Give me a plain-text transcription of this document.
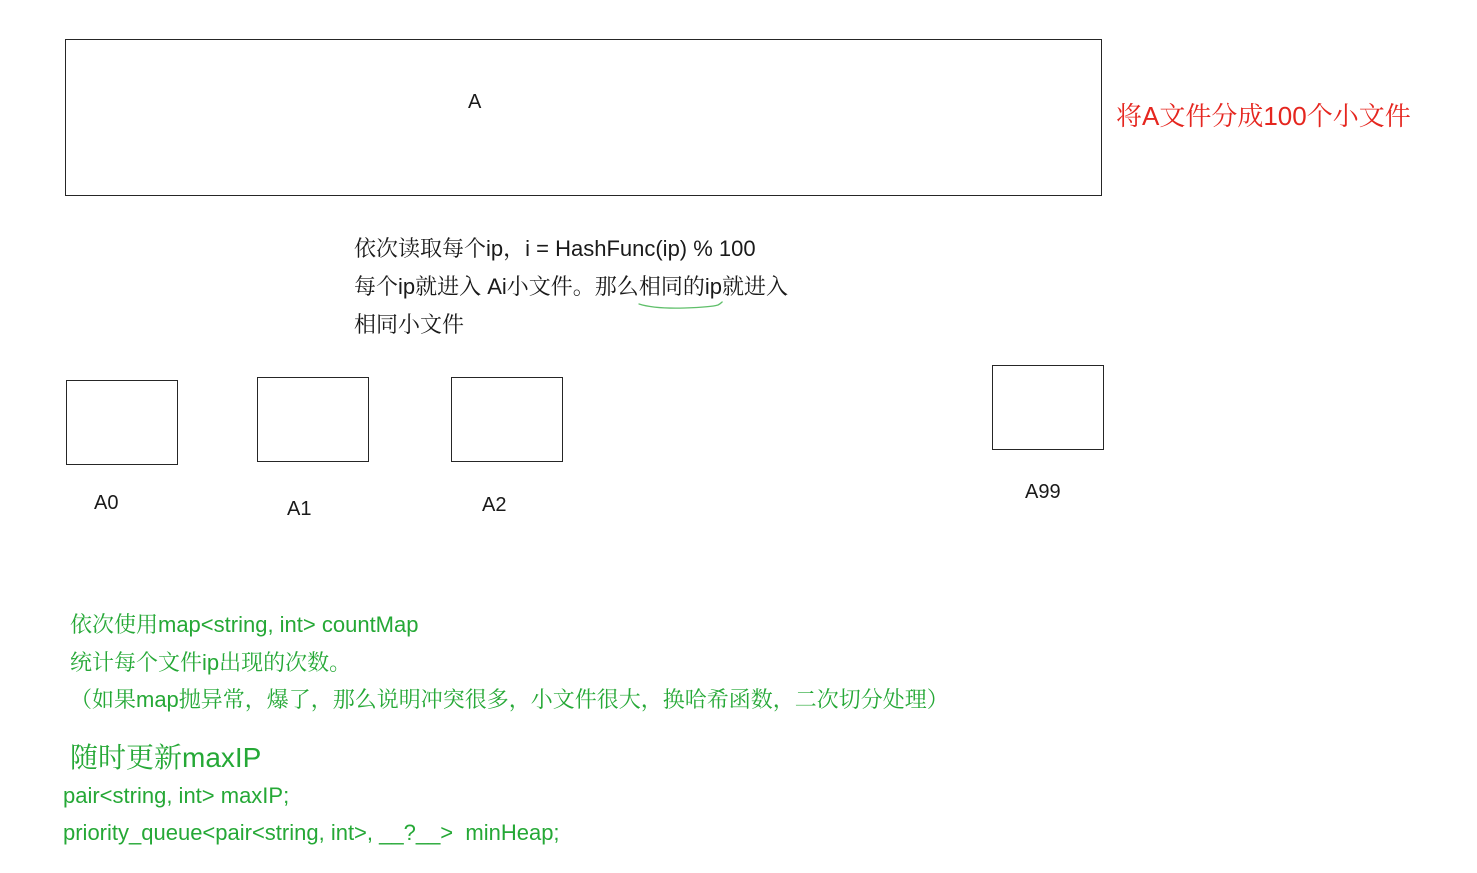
A	将A文件分成100个小文件
依次读取每个ip，i = HashFunc(ip) % 100
每个ip就进入 Ai小文件。那么相同的ip
就进入
相同小文件
A0	A1	A2
A99
依次使用map<string, int> countMap
统计每个文件ip出现的次数。
（如果map抛异常，爆了，那么说明冲突很多，小文件很大，换哈希函数，二次切分处理）
随时更新maxIP
pair<string, int> maxIP;
priority_queue<pair<string, int>, __?__>  minHeap;
